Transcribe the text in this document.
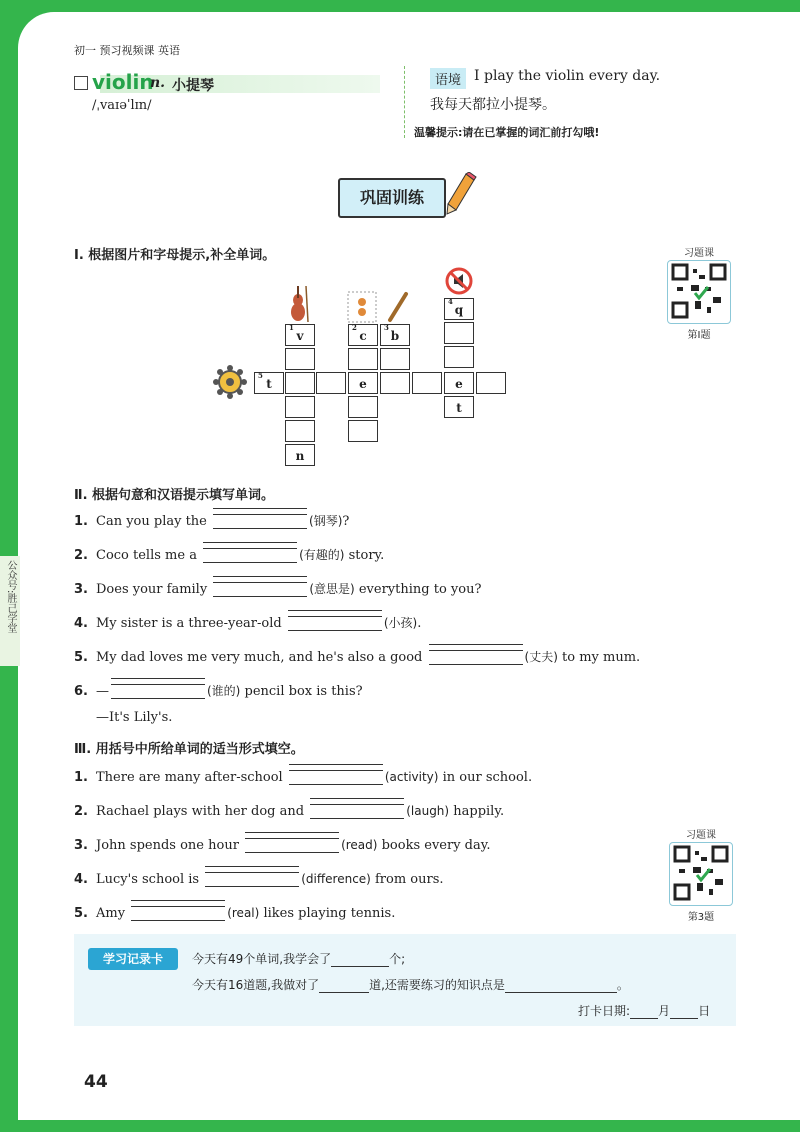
公众号:胜己学堂
初一 预习视频课 英语
violin
n. 小提琴
/ˌvaɪəˈlɪn/
语境 I play the violin every day.
我每天都拉小提琴。
温馨提示:请在已掌握的词汇前打勾哦!
巩固训练
Ⅰ. 根据图片和字母提示,补全单词。	习题课
第Ⅰ题
1
v
n
2
c
3
b
4
q
t
5
t	e	e
Ⅱ. 根据句意和汉语提示填写单词。
1. Can you play the	(钢琴)?
2. Coco tells me a	(有趣的) story.
3. Does your family	(意思是) everything to you?
4. My sister is a three-year-old	(小孩).
5. My dad loves me very much, and he's also a good	(丈夫) to my mum.
6. —	(谁的) pencil box is this?
—It's Lily's.
Ⅲ. 用括号中所给单词的适当形式填空。
1. There are many after-school	(activity) in our school.
2. Rachael plays with her dog and	(laugh) happily.
3. John spends one hour	(read) books every day.
4. Lucy's school is	(difference) from ours.
5. Amy	(real) likes playing tennis.
习题课
第3题
学习记录卡	今天有49个单词,我学会了	个;
今天有16道题,我做对了	道,还需要练习的知识点是	。
打卡日期: 月 日
44
